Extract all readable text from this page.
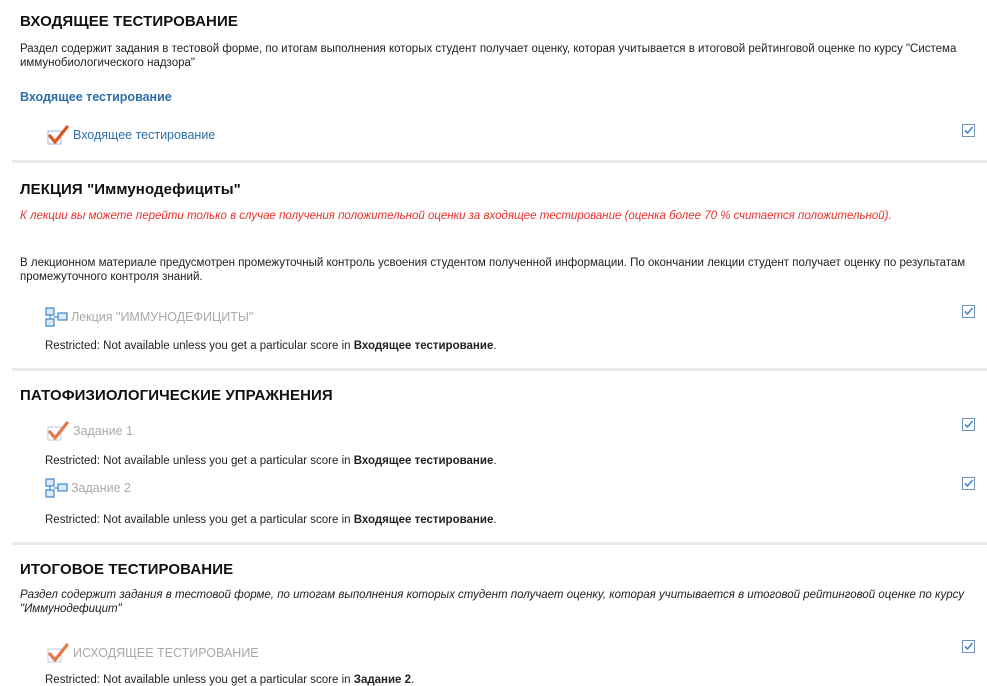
ВХОДЯЩЕЕ ТЕСТИРОВАНИЕ
Раздел содержит задания в тестовой форме, по итогам выполнения которых студент получает оценку, которая учитывается в итоговой рейтинговой оценке по курсу "Система иммунобиологического надзора"
Входящее тестирование
Входящее тестирование
ЛЕКЦИЯ "Иммунодефициты"
К лекции вы можете перейти только в случае получения положительной оценки за входящее тестирование (оценка более 70 % считается положительной).
В лекционном материале предусмотрен промежуточный контроль усвоения студентом полученной информации. По окончании лекции студент получает оценку по результатам промежуточного контроля знаний.
Лекция "ИММУНОДЕФИЦИТЫ"
Restricted: Not available unless you get a particular score in Входящее тестирование.
ПАТОФИЗИОЛОГИЧЕСКИЕ УПРАЖНЕНИЯ
Задание 1
Restricted: Not available unless you get a particular score in Входящее тестирование.
Задание 2
Restricted: Not available unless you get a particular score in Входящее тестирование.
ИТОГОВОЕ ТЕСТИРОВАНИЕ
Раздел содержит задания в тестовой форме, по итогам выполнения которых студент получает оценку, которая учитывается в итоговой рейтинговой оценке по курсу "Иммунодефицит"
ИСХОДЯЩЕЕ ТЕСТИРОВАНИЕ
Restricted: Not available unless you get a particular score in Задание 2.
